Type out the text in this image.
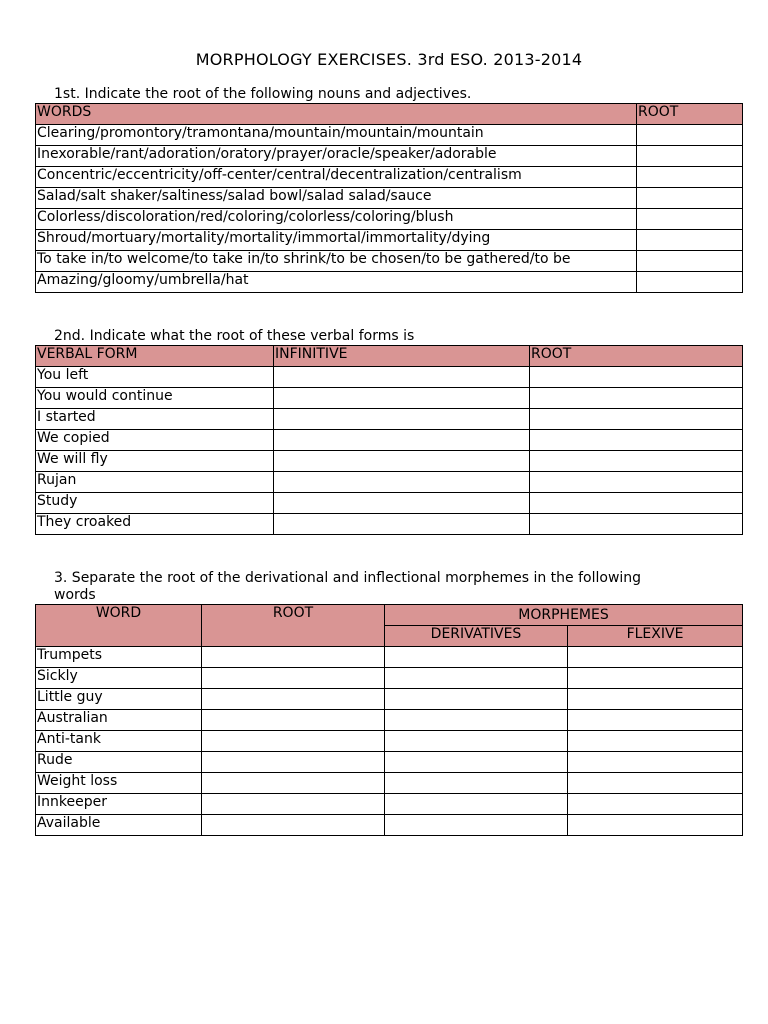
MORPHOLOGY EXERCISES. 3rd ESO. 2013-2014
1st. Indicate the root of the following nouns and adjectives.
WORDS	ROOT
Clearing/promontory/tramontana/mountain/mountain/mountain	
Inexorable/rant/adoration/oratory/prayer/oracle/speaker/adorable	
Concentric/eccentricity/off-center/central/decentralization/centralism	
Salad/salt shaker/saltiness/salad bowl/salad salad/sauce	
Colorless/discoloration/red/coloring/colorless/coloring/blush	
Shroud/mortuary/mortality/mortality/immortal/immortality/dying	
To take in/to welcome/to take in/to shrink/to be chosen/to be gathered/to be	
Amazing/gloomy/umbrella/hat	
2nd. Indicate what the root of these verbal forms is
VERBAL FORM	INFINITIVE	ROOT
You left		
You would continue		
I started		
We copied		
We will fly		
Rujan		
Study		
They croaked		
3. Separate the root of the derivational and inflectional morphemes in the following
words
WORD	ROOT	MORPHEMES	
		DERIVATIVES	FLEXIVE
Trumpets			
Sickly			
Little guy			
Australian			
Anti-tank			
Rude			
Weight loss			
Innkeeper			
Available			
